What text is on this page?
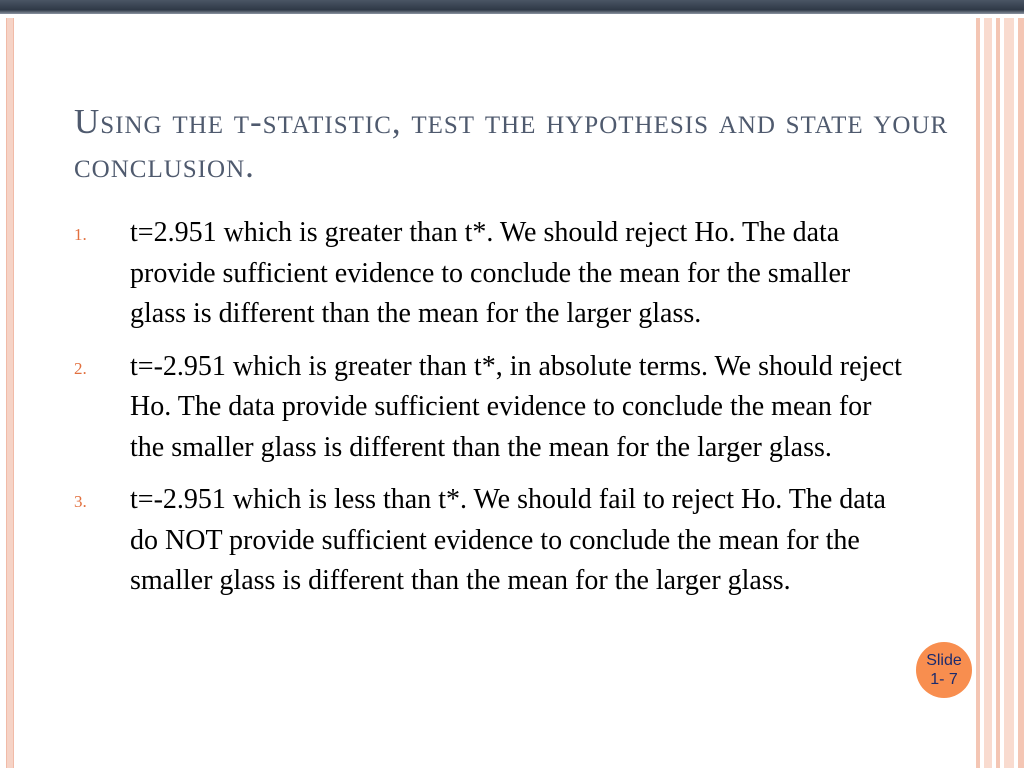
Using the t-statistic, test the hypothesis and state your conclusion.
1. t=2.951 which is greater than t*. We should reject Ho. The data provide sufficient evidence to conclude the mean for the smaller glass is different than the mean for the larger glass.
2. t=-2.951 which is greater than t*, in absolute terms. We should reject Ho. The data provide sufficient evidence to conclude the mean for the smaller glass is different than the mean for the larger glass.
3. t=-2.951 which is less than t*. We should fail to reject Ho. The data do NOT provide sufficient evidence to conclude the mean for the smaller glass is different than the mean for the larger glass.
Slide
1- 7
